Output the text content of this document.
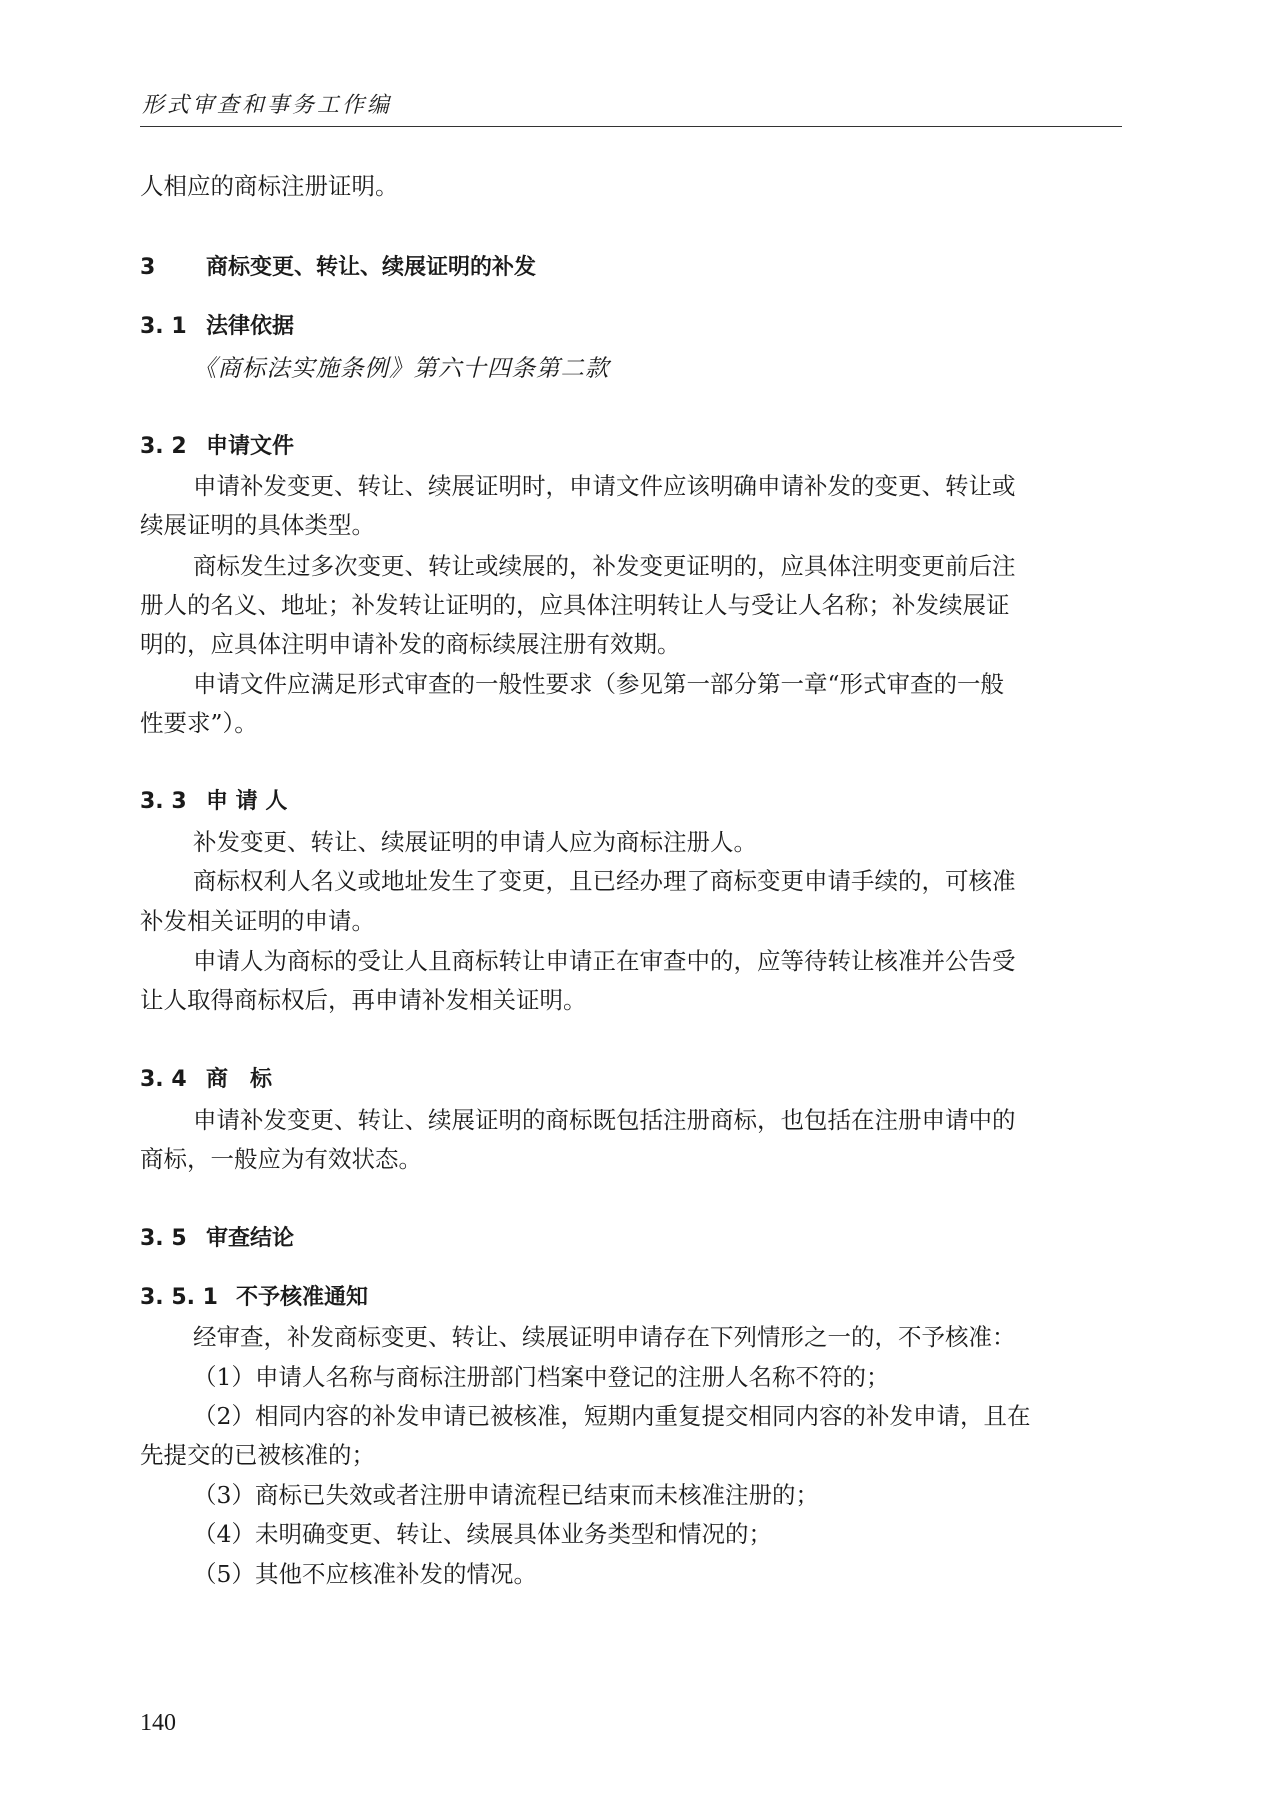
形式审查和事务工作编
人相应的商标注册证明。
3 商标变更、转让、续展证明的补发
3. 1 法律依据
《商标法实施条例》第六十四条第二款
3. 2 申请文件
申请补发变更、转让、续展证明时，申请文件应该明确申请补发的变更、转让或
续展证明的具体类型。
商标发生过多次变更、转让或续展的，补发变更证明的，应具体注明变更前后注
册人的名义、地址；补发转让证明的，应具体注明转让人与受让人名称；补发续展证
明的，应具体注明申请补发的商标续展注册有效期。
申请文件应满足形式审查的一般性要求（参见第一部分第一章“形式审查的一般
性要求”）。
3. 3 申 请 人
补发变更、转让、续展证明的申请人应为商标注册人。
商标权利人名义或地址发生了变更，且已经办理了商标变更申请手续的，可核准
补发相关证明的申请。
申请人为商标的受让人且商标转让申请正在审查中的，应等待转让核准并公告受
让人取得商标权后，再申请补发相关证明。
3. 4 商　标
申请补发变更、转让、续展证明的商标既包括注册商标，也包括在注册申请中的
商标，一般应为有效状态。
3. 5 审查结论
3. 5. 1 不予核准通知
经审查，补发商标变更、转让、续展证明申请存在下列情形之一的，不予核准：
（1）申请人名称与商标注册部门档案中登记的注册人名称不符的；
（2）相同内容的补发申请已被核准，短期内重复提交相同内容的补发申请，且在
先提交的已被核准的；
（3）商标已失效或者注册申请流程已结束而未核准注册的；
（4）未明确变更、转让、续展具体业务类型和情况的；
（5）其他不应核准补发的情况。
140
